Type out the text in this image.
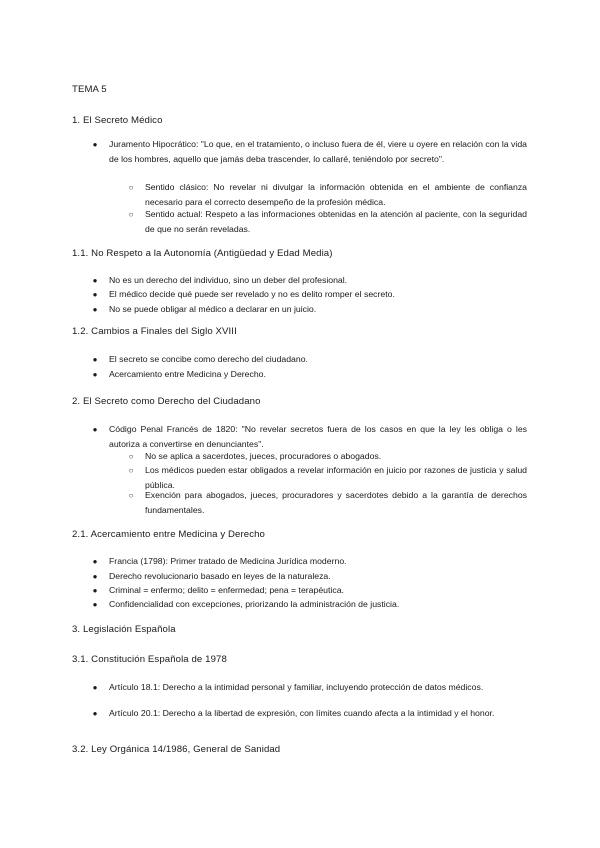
TEMA 5
1. El Secreto Médico
●	Juramento Hipocrático: "Lo que, en el tratamiento, o incluso fuera de él, viere u oyere en relación con la vida de los hombres, aquello que jamás deba trascender, lo callaré, teniéndolo por secreto".
○	Sentido clásico: No revelar ni divulgar la información obtenida en el ambiente de confianza necesario para el correcto desempeño de la profesión médica.
○	Sentido actual: Respeto a las informaciones obtenidas en la atención al paciente, con la seguridad de que no serán reveladas.
1.1. No Respeto a la Autonomía (Antigüedad y Edad Media)
●	No es un derecho del individuo, sino un deber del profesional.
●	El médico decide qué puede ser revelado y no es delito romper el secreto.
●	No se puede obligar al médico a declarar en un juicio.
1.2. Cambios a Finales del Siglo XVIII
●	El secreto se concibe como derecho del ciudadano.
●	Acercamiento entre Medicina y Derecho.
2. El Secreto como Derecho del Ciudadano
●	Código Penal Francés de 1820: "No revelar secretos fuera de los casos en que la ley les obliga o les autoriza a convertirse en denunciantes".
○	No se aplica a sacerdotes, jueces, procuradores o abogados.
○	Los médicos pueden estar obligados a revelar información en juicio por razones de justicia y salud pública.
○	Exención para abogados, jueces, procuradores y sacerdotes debido a la garantía de derechos fundamentales.
2.1. Acercamiento entre Medicina y Derecho
●	Francia (1798): Primer tratado de Medicina Jurídica moderno.
●	Derecho revolucionario basado en leyes de la naturaleza.
●	Criminal = enfermo; delito = enfermedad; pena = terapéutica.
●	Confidencialidad con excepciones, priorizando la administración de justicia.
3. Legislación Española
3.1. Constitución Española de 1978
●	Artículo 18.1: Derecho a la intimidad personal y familiar, incluyendo protección de datos médicos.
●	Artículo 20.1: Derecho a la libertad de expresión, con límites cuando afecta a la intimidad y el honor.
3.2. Ley Orgánica 14/1986, General de Sanidad
